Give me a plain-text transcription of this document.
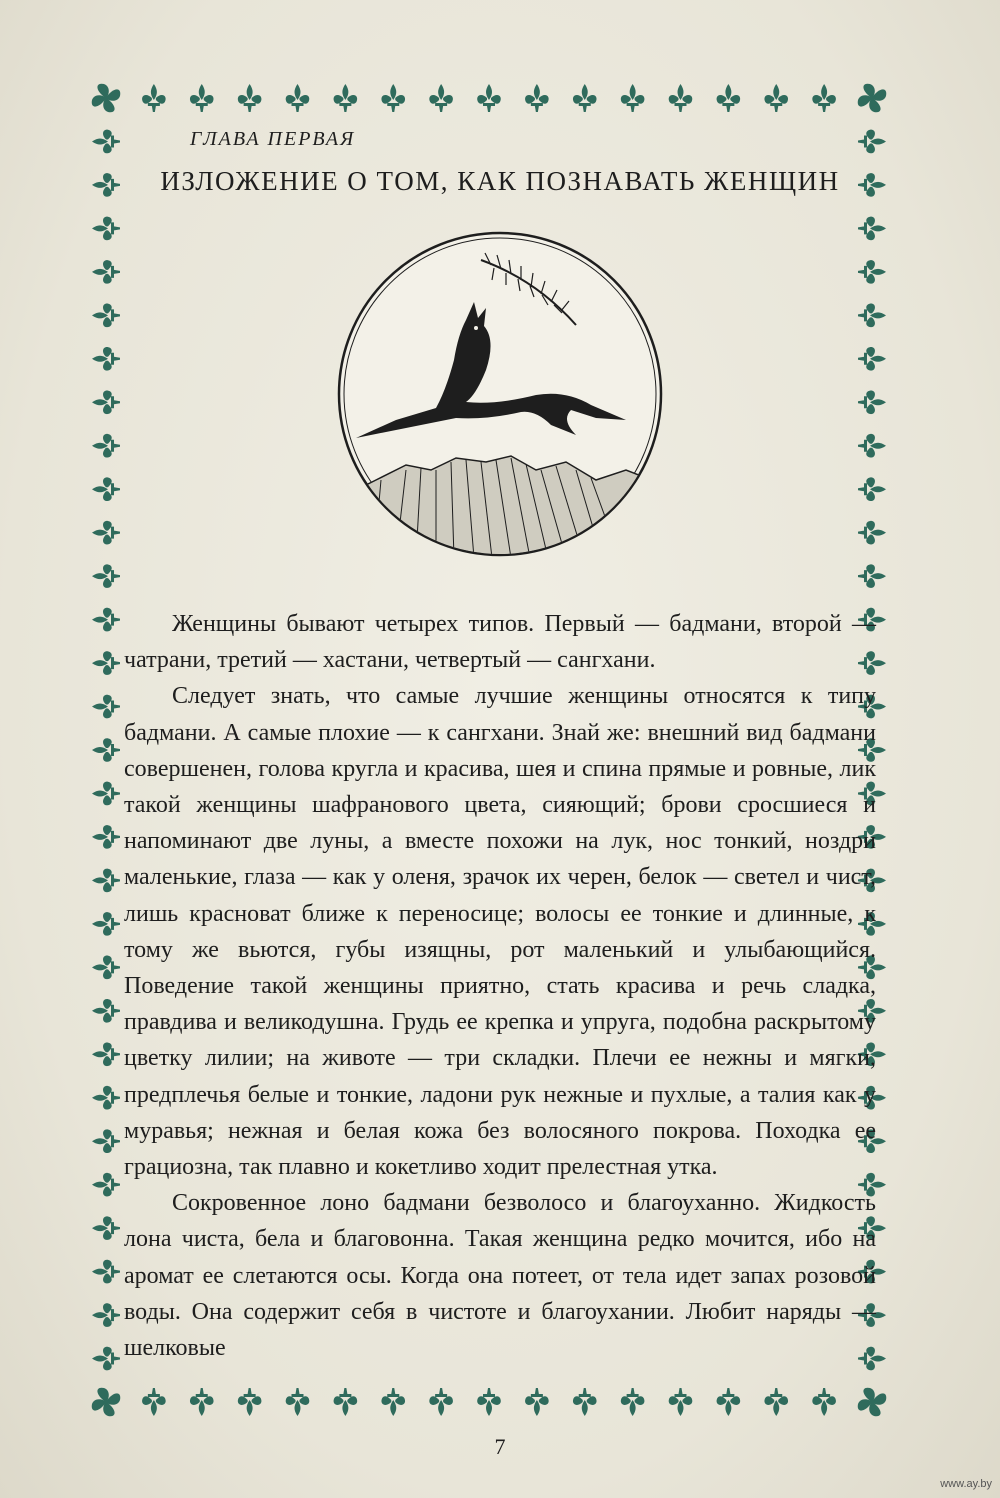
ГЛАВА ПЕРВАЯ
ИЗЛОЖЕНИЕ О ТОМ, КАК ПОЗНАВАТЬ ЖЕНЩИН

Женщины бывают четырех типов. Первый — бадмани, второй — чатрани, третий — хастани, четвертый — сангхани.

Следует знать, что самые лучшие женщины относятся к типу бадмани. А самые плохие — к сангхани. Знай же: внешний вид бадмани совершенен, голова кругла и красива, шея и спина прямые и ровные, лик такой женщины шафранового цвета, сияющий; брови сросшиеся и напоминают две луны, а вместе похожи на лук, нос тонкий, ноздри маленькие, глаза — как у оленя, зрачок их черен, белок — светел и чист, лишь красноват ближе к переносице; волосы ее тонкие и длинные, к тому же вьются, губы изящны, рот маленький и улыбающийся. Поведение такой женщины приятно, стать красива и речь сладка, правдива и великодушна. Грудь ее крепка и упруга, подобна раскрытому цветку лилии; на животе — три складки. Плечи ее нежны и мягки, предплечья белые и тонкие, ладони рук нежные и пухлые, а талия как у муравья; нежная и белая кожа без волосяного покрова. Походка ее грациозна, так плавно и кокетливо ходит прелестная утка.

Сокровенное лоно бадмани безволосо и благоуханно. Жидкость лона чиста, бела и благовонна. Такая женщина редко мочится, ибо на аромат ее слетаются осы. Когда она потеет, от тела идет запах розовой воды. Она содержит себя в чистоте и благоухании. Любит наряды — шелковые

7
www.ay.by
